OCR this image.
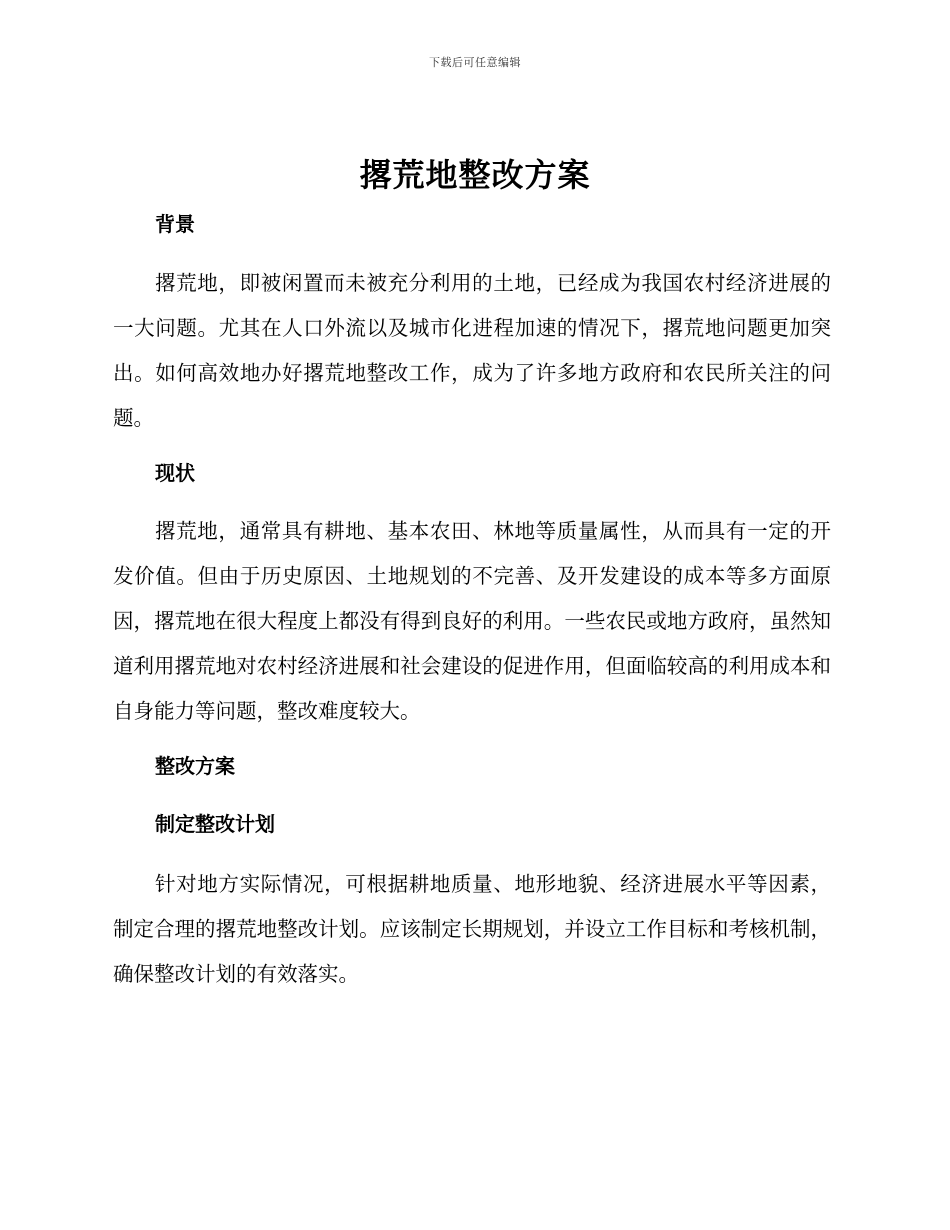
下载后可任意编辑
撂荒地整改方案

背景

撂荒地，即被闲置而未被充分利用的土地，已经成为我国农村经济进展的一大问题。尤其在人口外流以及城市化进程加速的情况下，撂荒地问题更加突出。如何高效地办好撂荒地整改工作，成为了许多地方政府和农民所关注的问题。

现状

撂荒地，通常具有耕地、基本农田、林地等质量属性，从而具有一定的开发价值。但由于历史原因、土地规划的不完善、及开发建设的成本等多方面原因，撂荒地在很大程度上都没有得到良好的利用。一些农民或地方政府，虽然知道利用撂荒地对农村经济进展和社会建设的促进作用，但面临较高的利用成本和自身能力等问题，整改难度较大。

整改方案

制定整改计划

针对地方实际情况，可根据耕地质量、地形地貌、经济进展水平等因素，制定合理的撂荒地整改计划。应该制定长期规划，并设立工作目标和考核机制，确保整改计划的有效落实。
